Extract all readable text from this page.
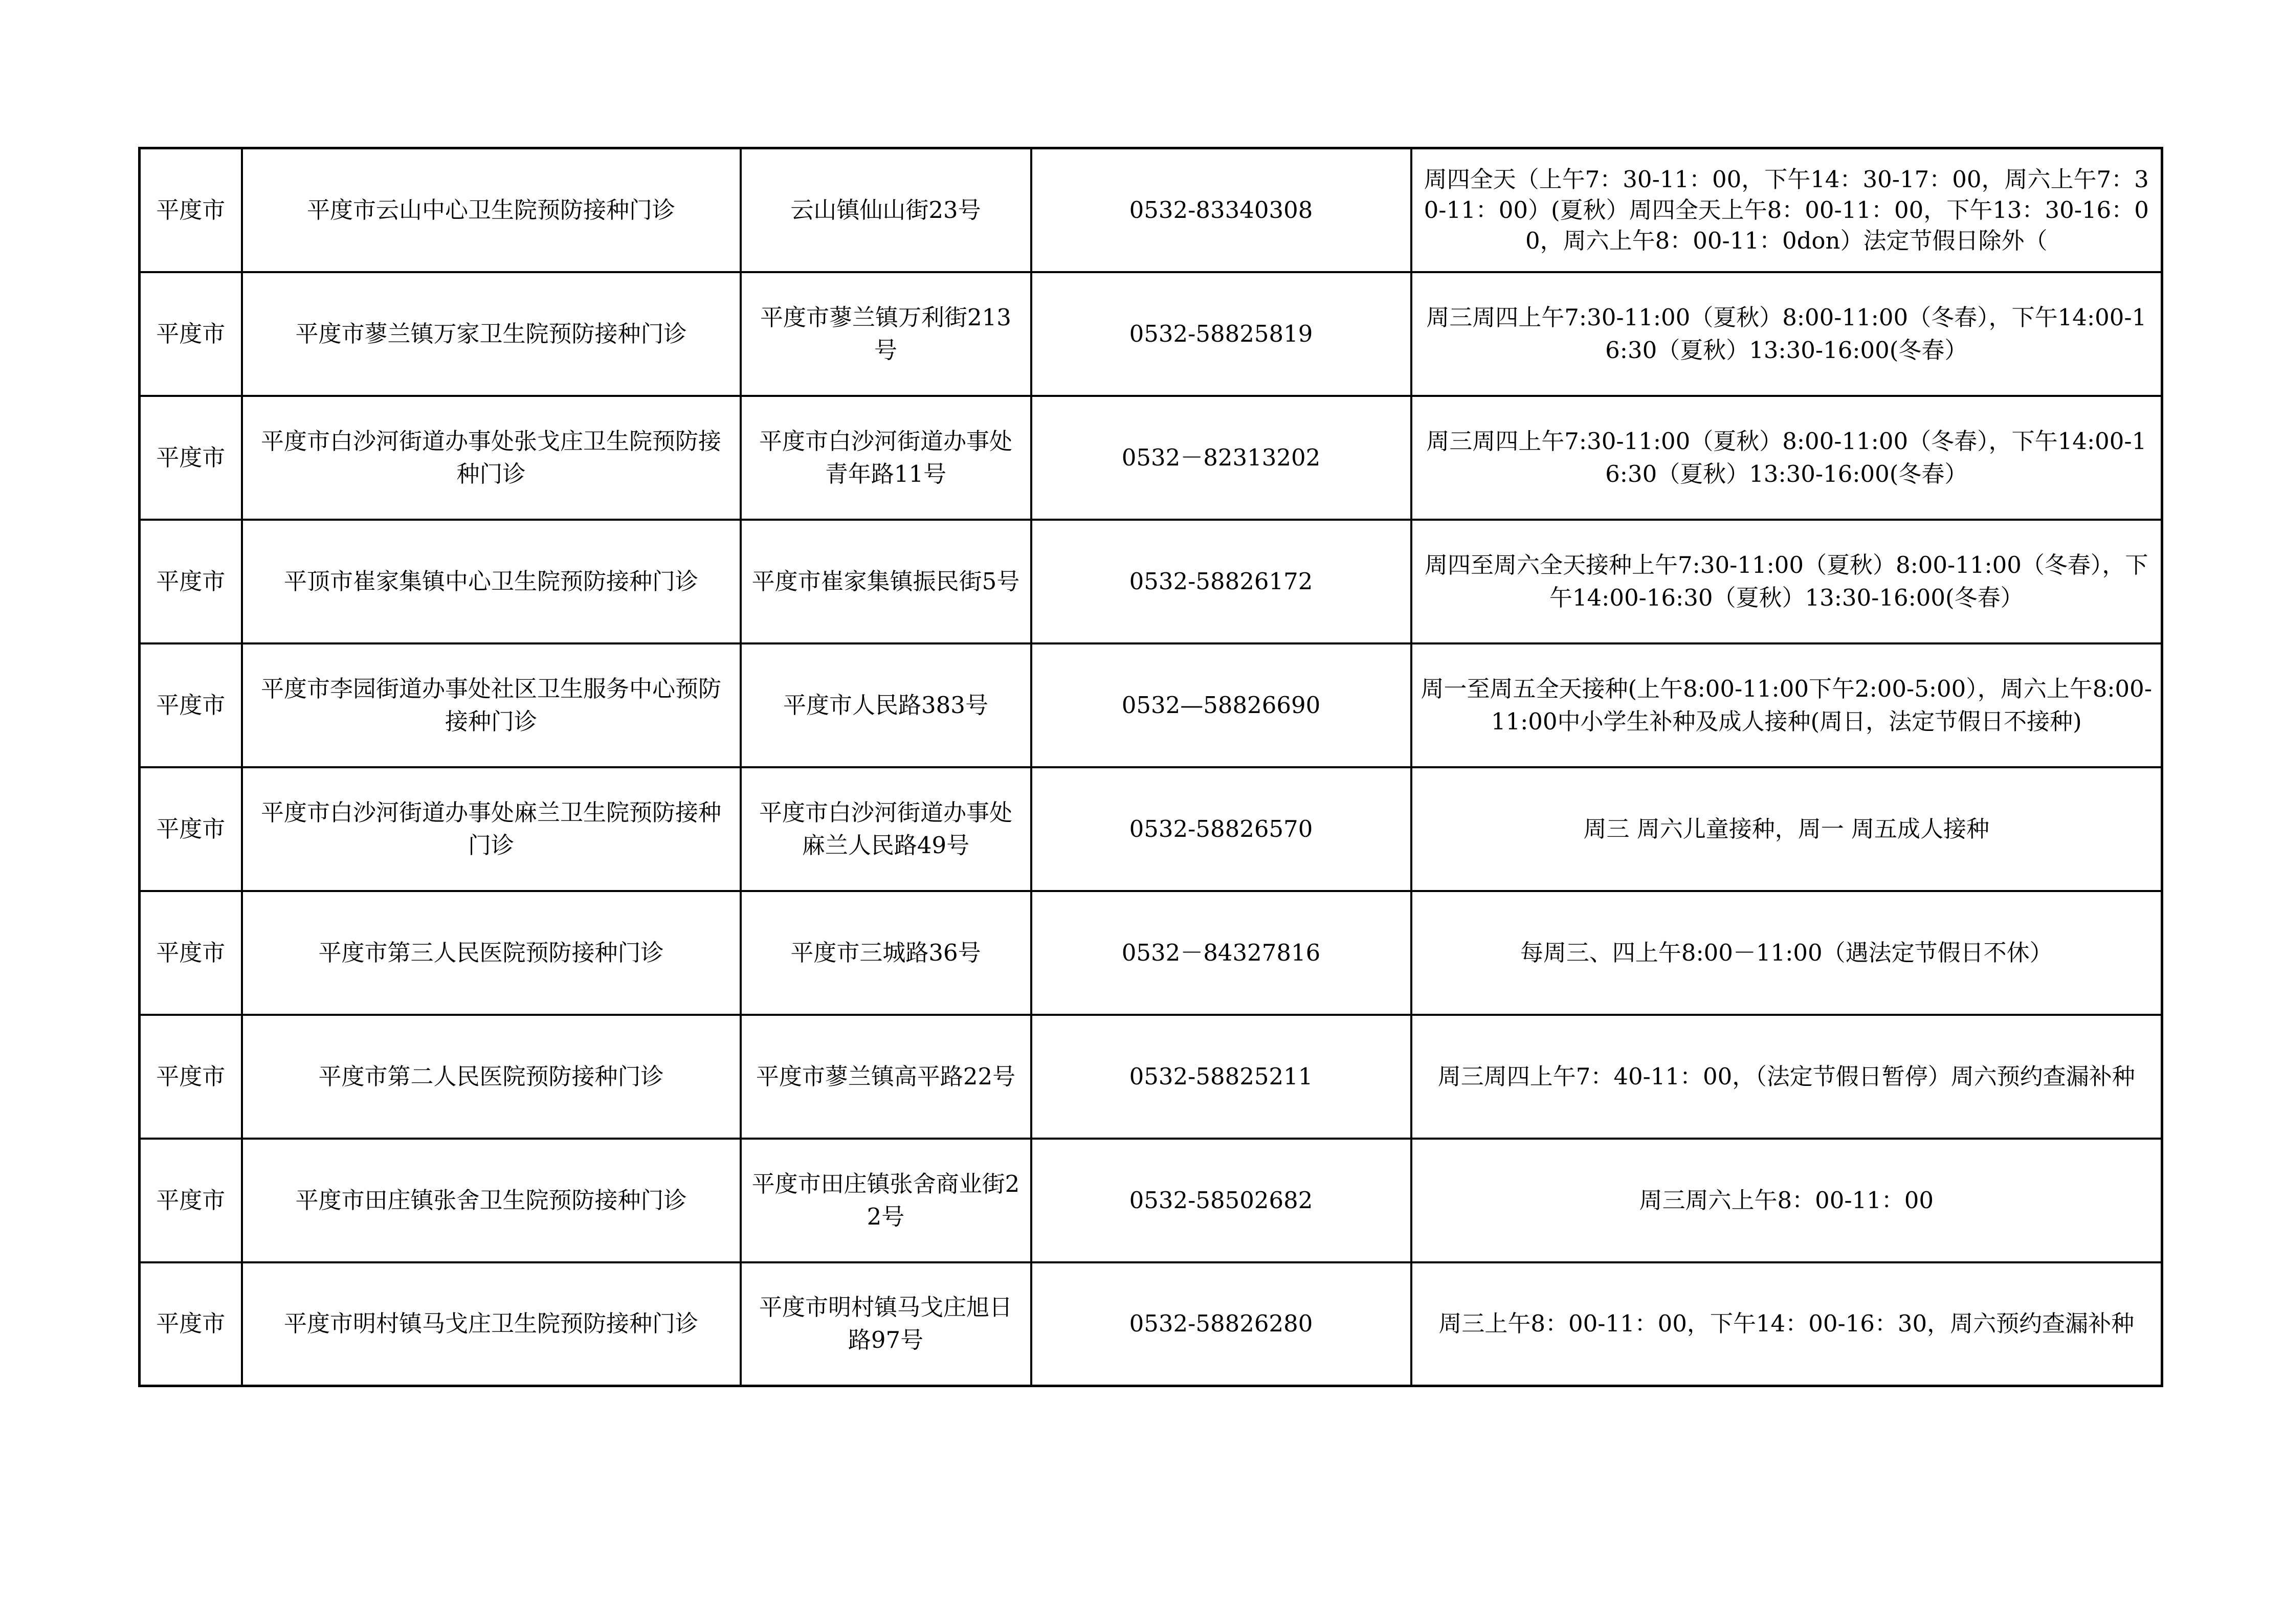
平度市	平度市云山中心卫生院预防接种门诊	云山镇仙山街23号	0532-83340308	周四全天（上午7：30-11：00，下午14：30-17：00，周六上午7：30-11：00）(夏秋）周四全天上午8：00-11：00，下午13：30-16：00，周六上午8：00-11：0don）法定节假日除外（
平度市	平度市蓼兰镇万家卫生院预防接种门诊	平度市蓼兰镇万利街213号	0532-58825819	周三周四上午7:30-11:00（夏秋）8:00-11:00（冬春），下午14:00-16:30（夏秋）13:30-16:00(冬春）
平度市	平度市白沙河街道办事处张戈庄卫生院预防接种门诊	平度市白沙河街道办事处青年路11号	0532－82313202	周三周四上午7:30-11:00（夏秋）8:00-11:00（冬春），下午14:00-16:30（夏秋）13:30-16:00(冬春）
平度市	平顶市崔家集镇中心卫生院预防接种门诊	平度市崔家集镇振民街5号	0532-58826172	周四至周六全天接种上午7:30-11:00（夏秋）8:00-11:00（冬春），下午14:00-16:30（夏秋）13:30-16:00(冬春）
平度市	平度市李园街道办事处社区卫生服务中心预防接种门诊	平度市人民路383号	0532—58826690	周一至周五全天接种(上午8:00-11:00下午2:00-5:00），周六上午8:00-11:00中小学生补种及成人接种(周日，法定节假日不接种)
平度市	平度市白沙河街道办事处麻兰卫生院预防接种门诊	平度市白沙河街道办事处麻兰人民路49号	0532-58826570	周三 周六儿童接种，周一 周五成人接种
平度市	平度市第三人民医院预防接种门诊	平度市三城路36号	0532－84327816	每周三、四上午8:00－11:00（遇法定节假日不休）
平度市	平度市第二人民医院预防接种门诊	平度市蓼兰镇高平路22号	0532-58825211	周三周四上午7：40-11：00，（法定节假日暂停）周六预约查漏补种
平度市	平度市田庄镇张舍卫生院预防接种门诊	平度市田庄镇张舍商业街22号	0532-58502682	周三周六上午8：00-11：00
平度市	平度市明村镇马戈庄卫生院预防接种门诊	平度市明村镇马戈庄旭日路97号	0532-58826280	周三上午8：00-11：00，下午14：00-16：30，周六预约查漏补种
